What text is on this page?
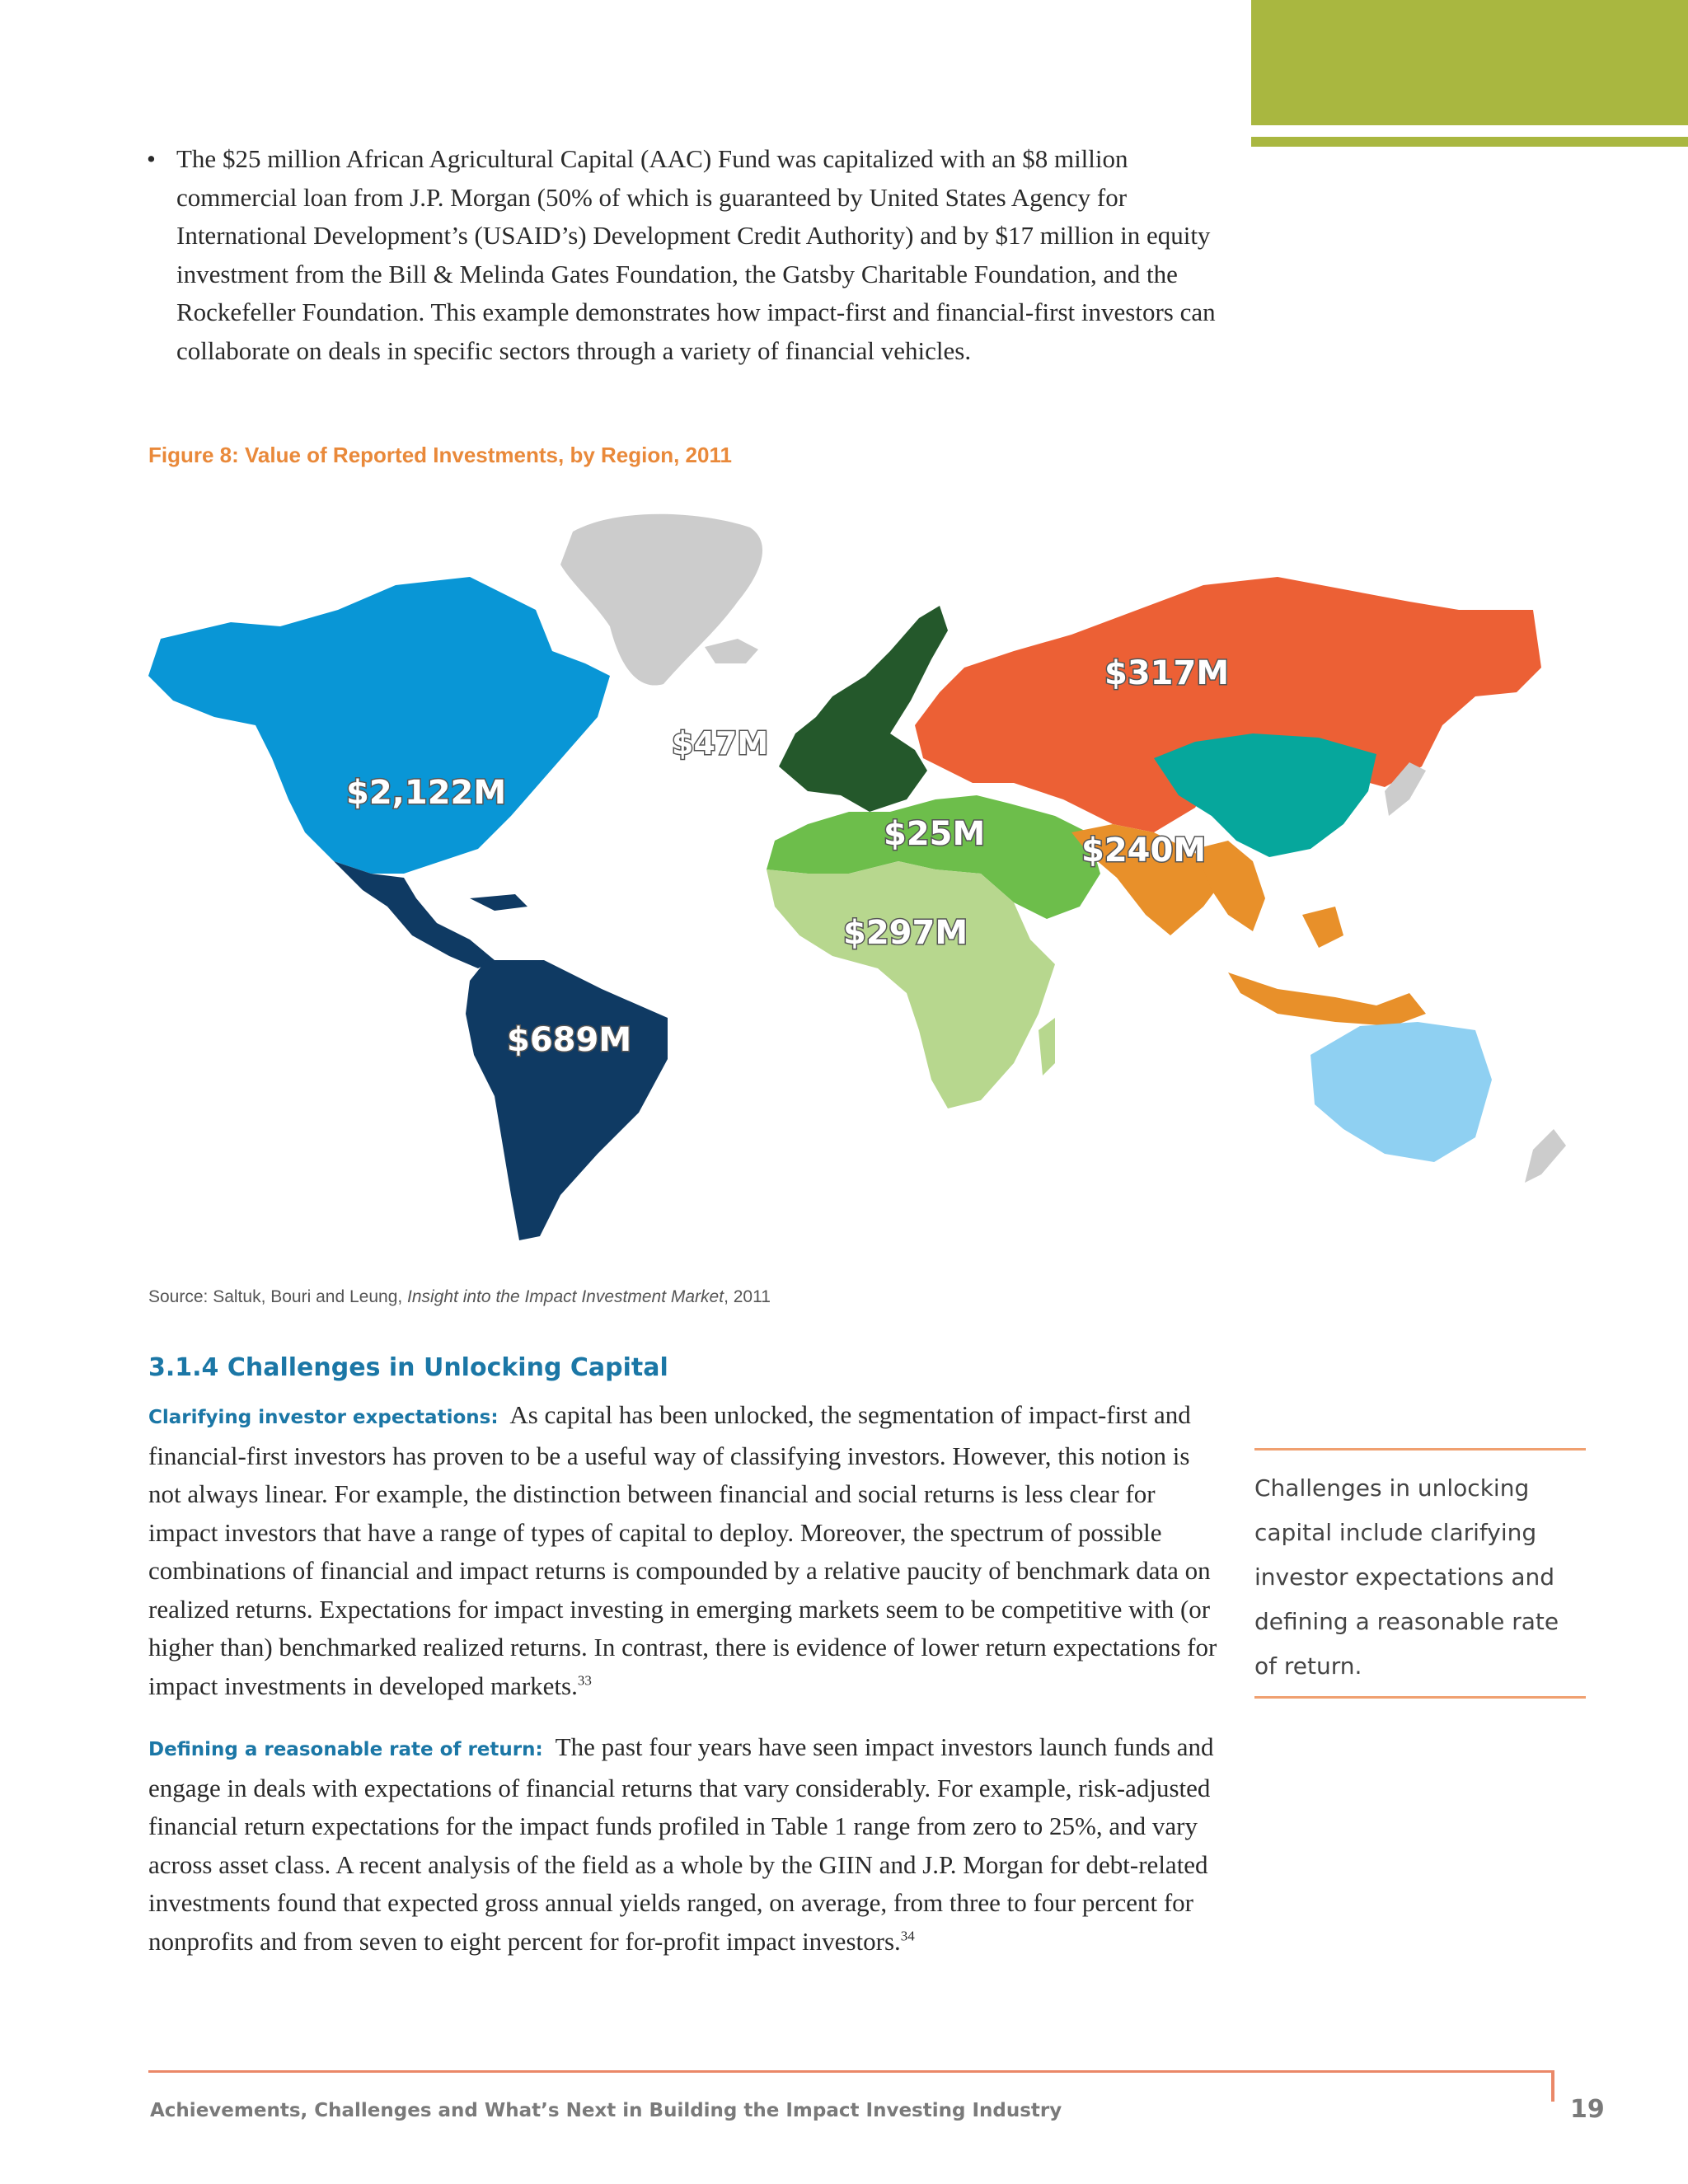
• The $25 million African Agricultural Capital (AAC) Fund was capitalized with an $8 million commercial loan from J.P. Morgan (50% of which is guaranteed by United States Agency for International Development’s (USAID’s) Development Credit Authority) and by $17 million in equity investment from the Bill & Melinda Gates Foundation, the Gatsby Charitable Foundation, and the Rockefeller Foundation. This example demonstrates how impact-first and financial-first investors can collaborate on deals in specific sectors through a variety of financial vehicles.
Figure 8: Value of Reported Investments, by Region, 2011
$2,122M
$689M
$47M
$317M
$25M
$297M
$240M
Source: Saltuk, Bouri and Leung, Insight into the Impact Investment Market, 2011
3.1.4 Challenges in Unlocking Capital
Clarifying investor expectations: As capital has been unlocked, the segmentation of impact-first and financial-first investors has proven to be a useful way of classifying investors. However, this notion is not always linear. For example, the distinction between financial and social returns is less clear for impact investors that have a range of types of capital to deploy. Moreover, the spectrum of possible combinations of financial and impact returns is compounded by a relative paucity of benchmark data on realized returns. Expectations for impact investing in emerging markets seem to be competitive with (or higher than) benchmarked realized returns. In contrast, there is evidence of lower return expectations for impact investments in developed markets.$^{33}$
Defining a reasonable rate of return: The past four years have seen impact investors launch funds and engage in deals with expectations of financial returns that vary considerably. For example, risk-adjusted financial return expectations for the impact funds profiled in Table 1 range from zero to 25%, and vary across asset class. A recent analysis of the field as a whole by the GIIN and J.P. Morgan for debt-related investments found that expected gross annual yields ranged, on average, from three to four percent for nonprofits and from seven to eight percent for for-profit impact investors.$^{34}$
Challenges in unlocking capital include clarifying investor expectations and defining a reasonable rate of return.
Achievements, Challenges and What’s Next in Building the Impact Investing Industry	19
